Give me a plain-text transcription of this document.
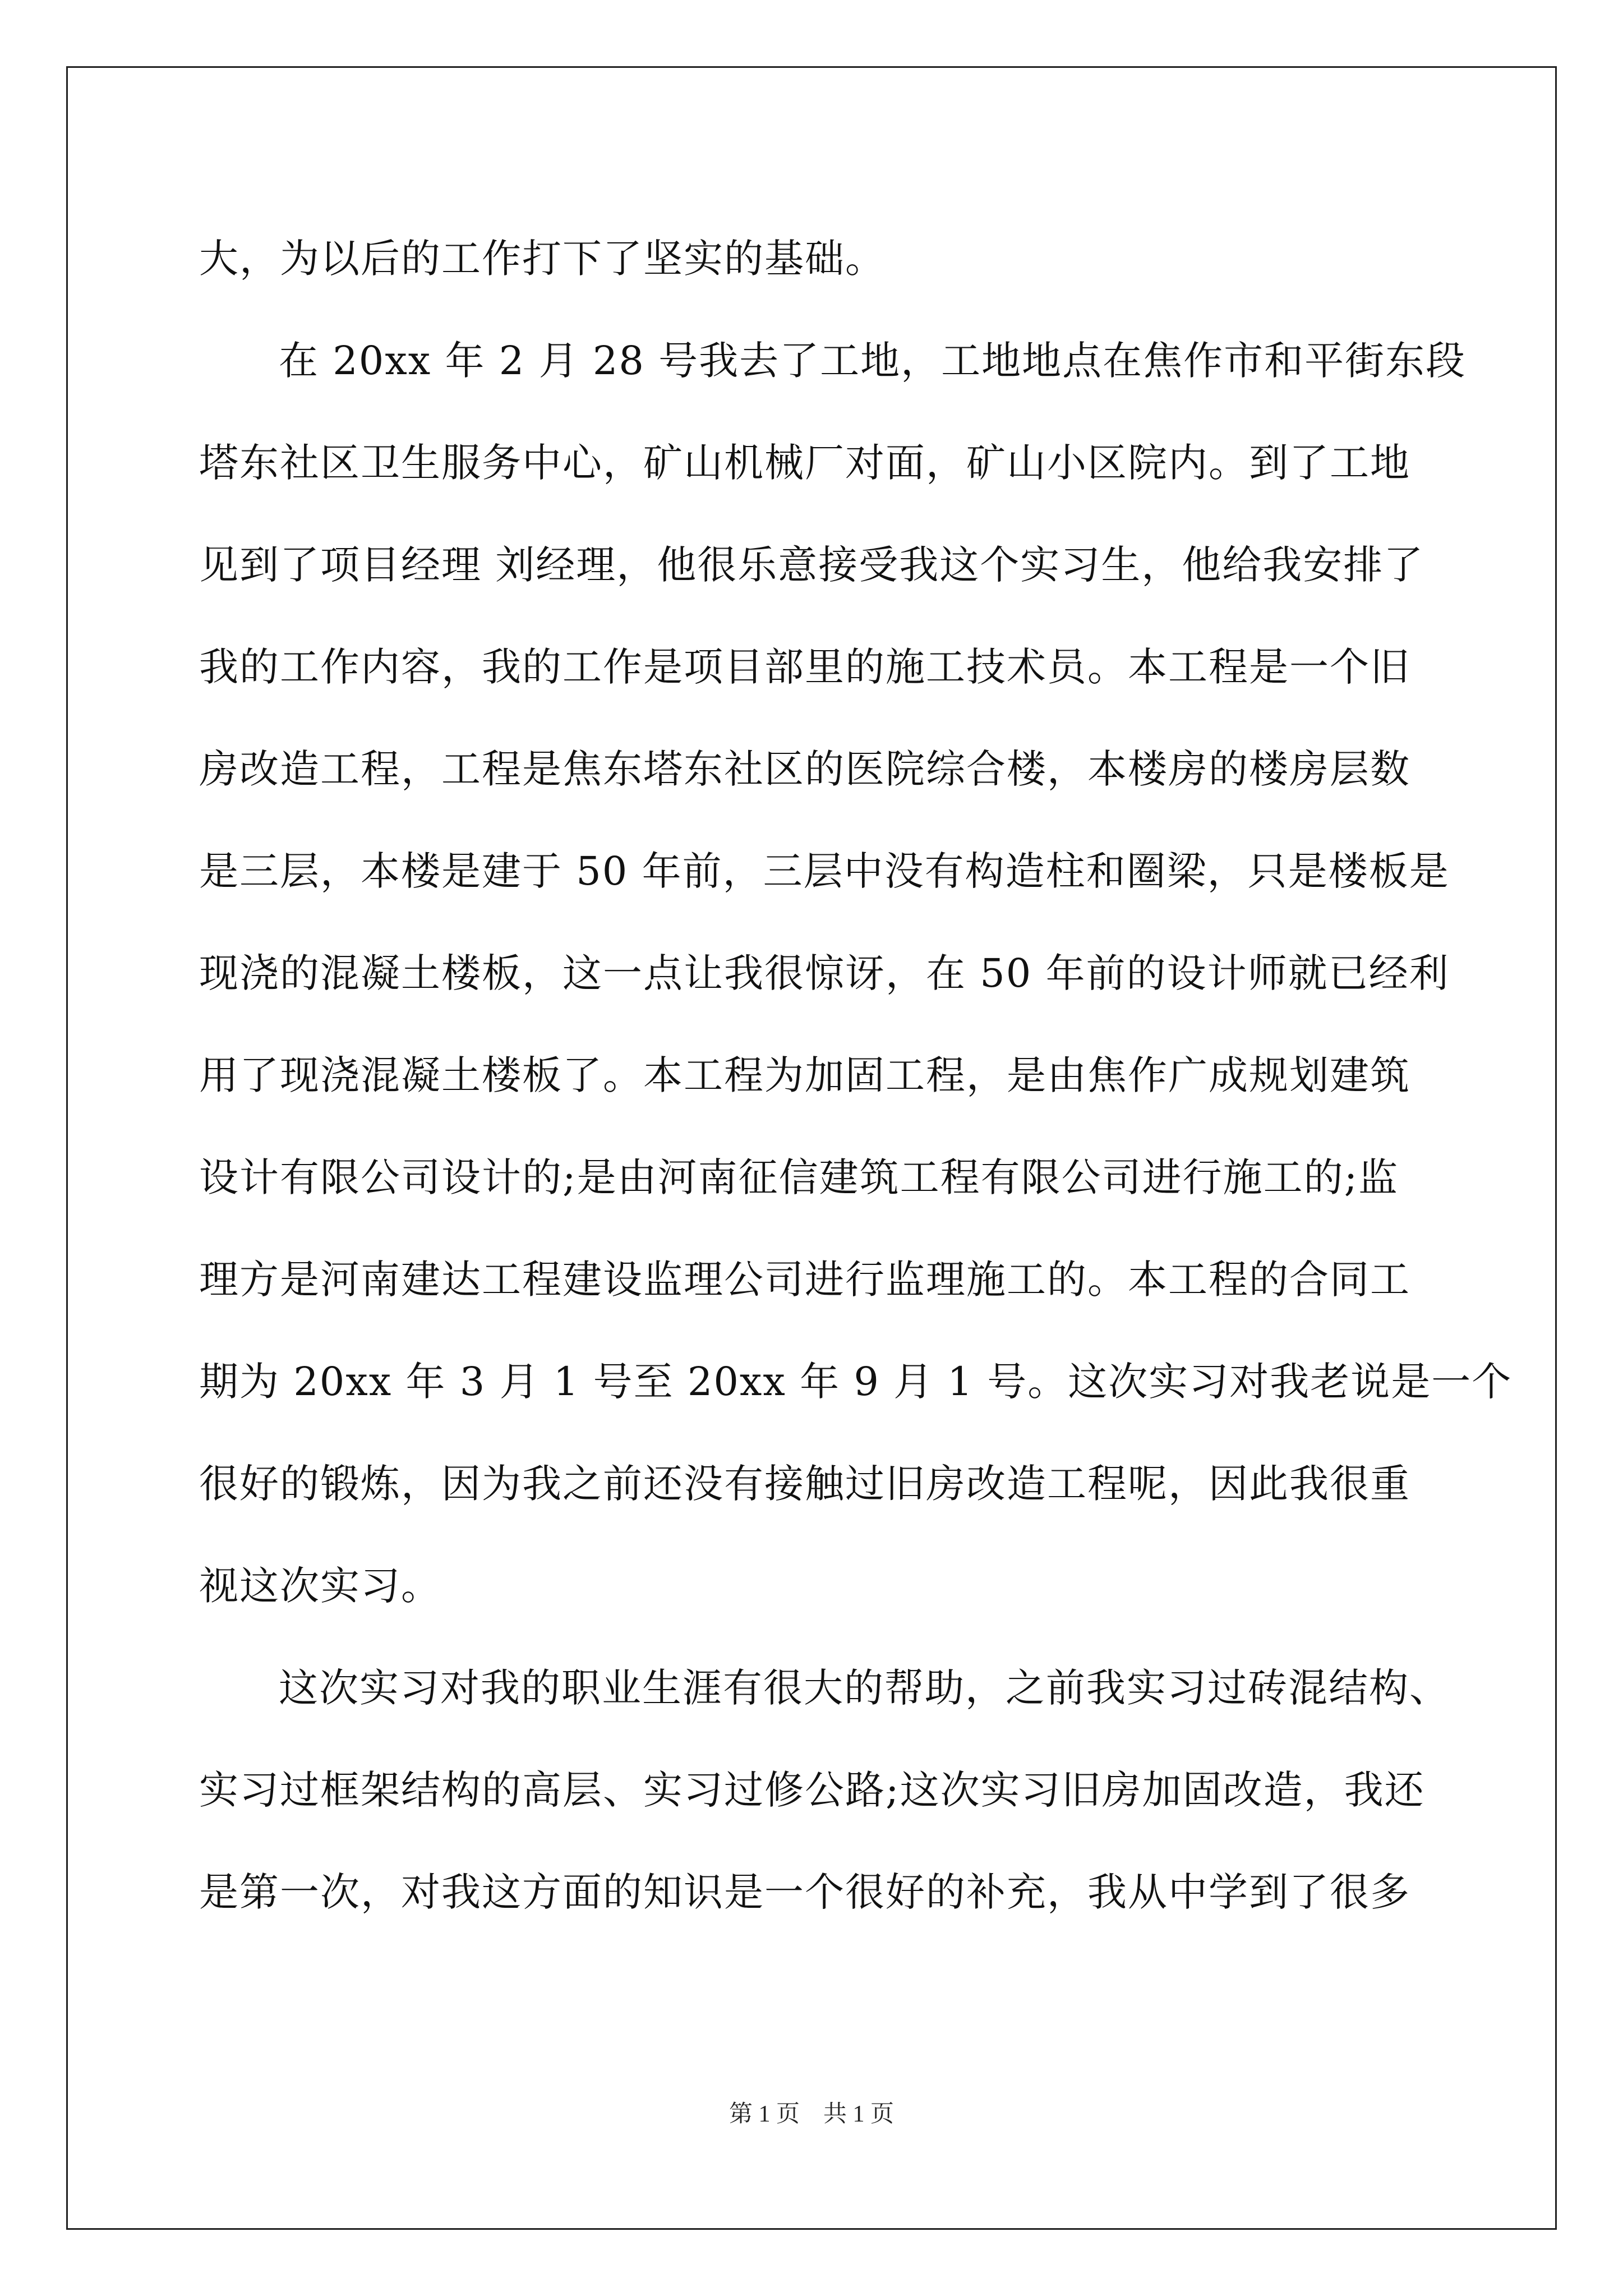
大，为以后的工作打下了坚实的基础。
在 20xx 年 2 月 28 号我去了工地，工地地点在焦作市和平街东段
塔东社区卫生服务中心，矿山机械厂对面，矿山小区院内。到了工地
见到了项目经理 刘经理，他很乐意接受我这个实习生，他给我安排了
我的工作内容，我的工作是项目部里的施工技术员。本工程是一个旧
房改造工程，工程是焦东塔东社区的医院综合楼，本楼房的楼房层数
是三层，本楼是建于 50 年前，三层中没有构造柱和圈梁，只是楼板是
现浇的混凝土楼板，这一点让我很惊讶，在 50 年前的设计师就已经利
用了现浇混凝土楼板了。本工程为加固工程，是由焦作广成规划建筑
设计有限公司设计的;是由河南征信建筑工程有限公司进行施工的;监
理方是河南建达工程建设监理公司进行监理施工的。本工程的合同工
期为 20xx 年 3 月 1 号至 20xx 年 9 月 1 号。这次实习对我老说是一个
很好的锻炼，因为我之前还没有接触过旧房改造工程呢，因此我很重
视这次实习。
这次实习对我的职业生涯有很大的帮助，之前我实习过砖混结构、
实习过框架结构的高层、实习过修公路;这次实习旧房加固改造，我还
是第一次，对我这方面的知识是一个很好的补充，我从中学到了很多
第 1 页　共 1 页
